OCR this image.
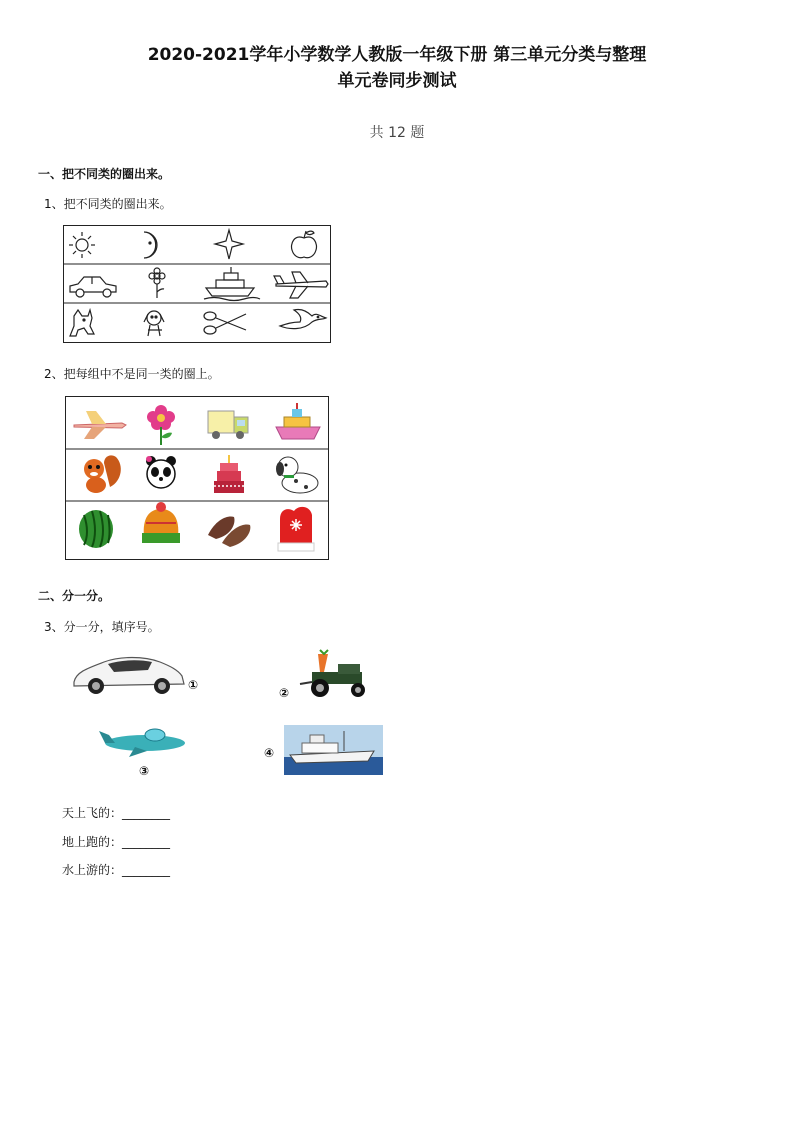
2020-2021学年小学数学人教版一年级下册 第三单元分类与整理
单元卷同步测试
共 12 题
一、把不同类的圈出来。
1、把不同类的圈出来。
2、把每组中不是同一类的圈上。
二、分一分。
3、分一分，填序号。
①
②
③
④
天上飞的：________
地上跑的：________
水上游的：________
